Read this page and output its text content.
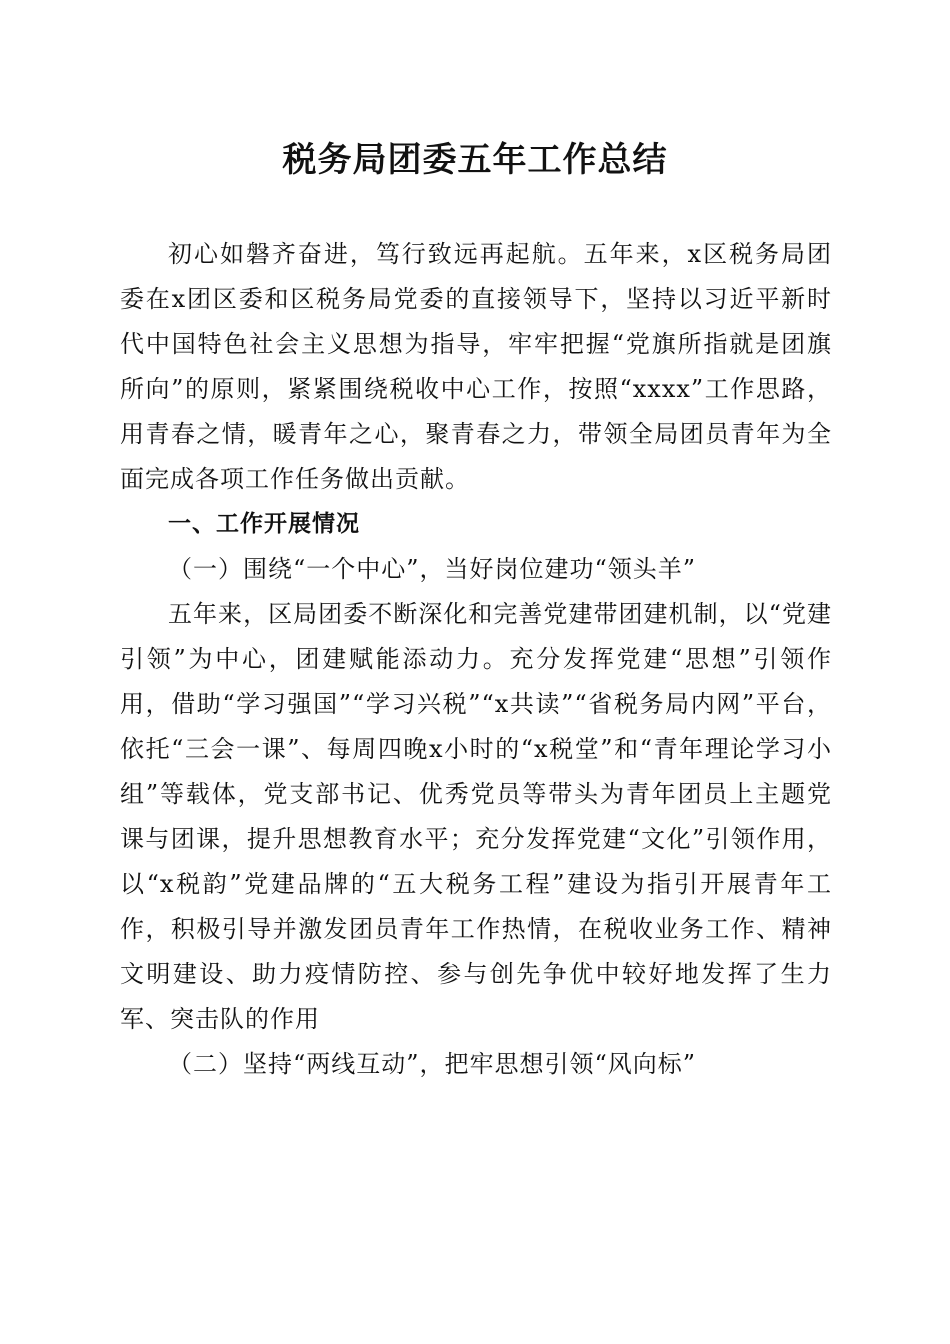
税务局团委五年工作总结

初心如磐齐奋进，笃行致远再起航。五年来，x区税务局团委在x团区委和区税务局党委的直接领导下，坚持以习近平新时代中国特色社会主义思想为指导，牢牢把握“党旗所指就是团旗所向”的原则，紧紧围绕税收中心工作，按照“xxxx”工作思路，用青春之情，暖青年之心，聚青春之力，带领全局团员青年为全面完成各项工作任务做出贡献。

一、工作开展情况

（一）围绕“一个中心”，当好岗位建功“领头羊”

五年来，区局团委不断深化和完善党建带团建机制，以“党建引领”为中心，团建赋能添动力。充分发挥党建“思想”引领作用，借助“学习强国”“学习兴税”“x共读”“省税务局内网”平台，依托“三会一课”、每周四晚x小时的“x税堂”和“青年理论学习小组”等载体，党支部书记、优秀党员等带头为青年团员上主题党课与团课，提升思想教育水平；充分发挥党建“文化”引领作用，以“x税韵”党建品牌的“五大税务工程”建设为指引开展青年工作，积极引导并激发团员青年工作热情，在税收业务工作、精神文明建设、助力疫情防控、参与创先争优中较好地发挥了生力军、突击队的作用

（二）坚持“两线互动”，把牢思想引领“风向标”
